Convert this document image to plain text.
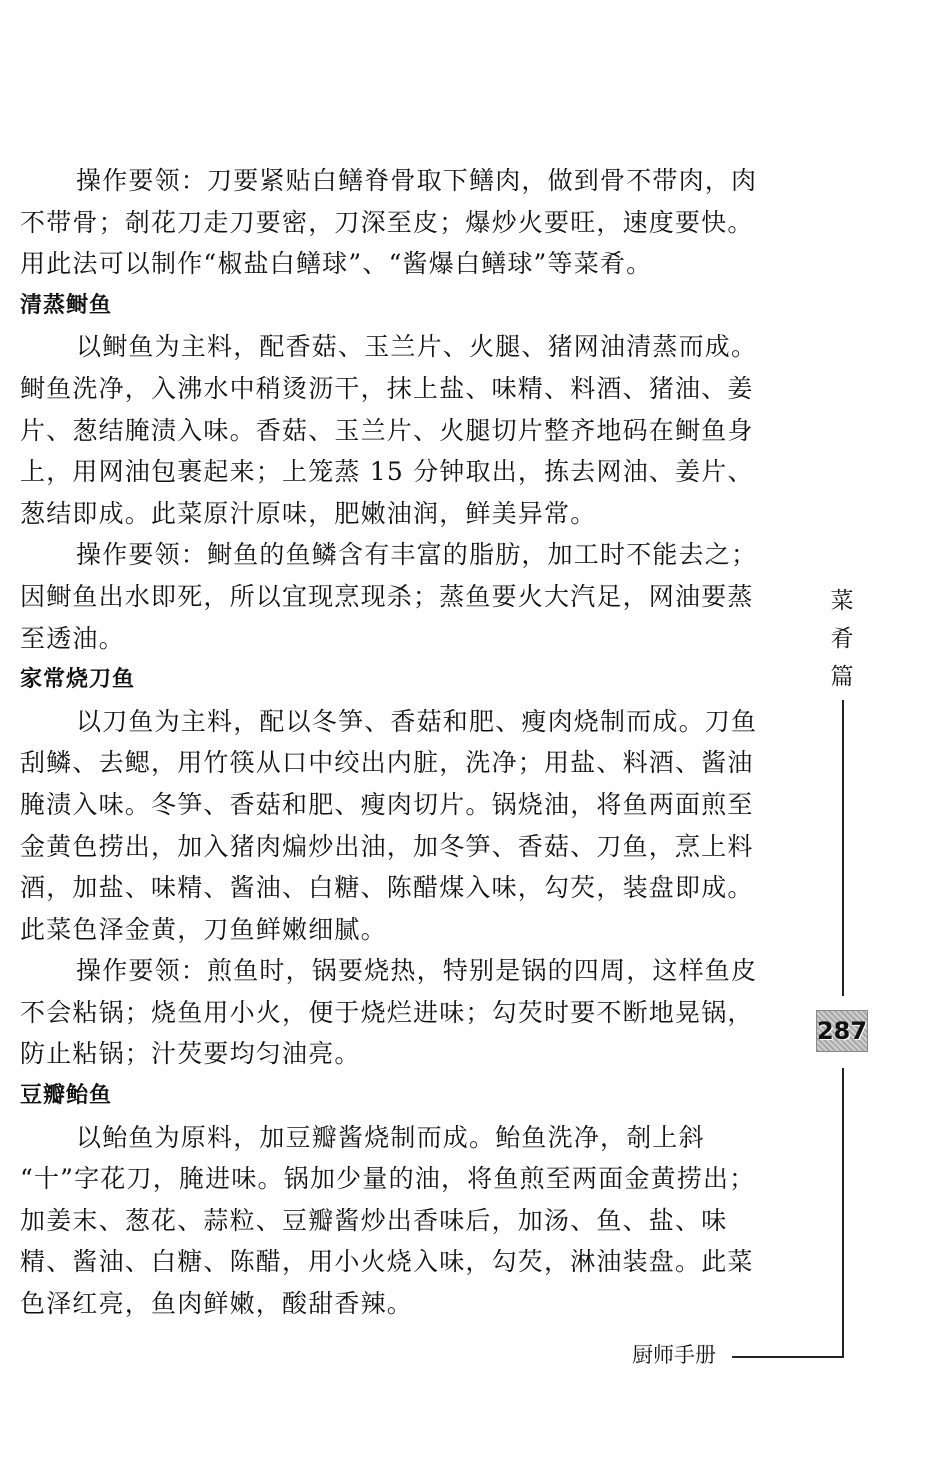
操作要领：刀要紧贴白鳝脊骨取下鳝肉，做到骨不带肉，肉
不带骨；剞花刀走刀要密，刀深至皮；爆炒火要旺，速度要快。
用此法可以制作“椒盐白鳝球”、“酱爆白鳝球”等菜肴。
清蒸鲥鱼
以鲥鱼为主料，配香菇、玉兰片、火腿、猪网油清蒸而成。
鲥鱼洗净，入沸水中稍烫沥干，抹上盐、味精、料酒、猪油、姜
片、葱结腌渍入味。香菇、玉兰片、火腿切片整齐地码在鲥鱼身
上，用网油包裹起来；上笼蒸 15 分钟取出，拣去网油、姜片、
葱结即成。此菜原汁原味，肥嫩油润，鲜美异常。
操作要领：鲥鱼的鱼鳞含有丰富的脂肪，加工时不能去之；
因鲥鱼出水即死，所以宜现烹现杀；蒸鱼要火大汽足，网油要蒸
至透油。
家常烧刀鱼
以刀鱼为主料，配以冬笋、香菇和肥、瘦肉烧制而成。刀鱼
刮鳞、去鳃，用竹筷从口中绞出内脏，洗净；用盐、料酒、酱油
腌渍入味。冬笋、香菇和肥、瘦肉切片。锅烧油，将鱼两面煎至
金黄色捞出，加入猪肉煸炒出油，加冬笋、香菇、刀鱼，烹上料
酒，加盐、味精、酱油、白糖、陈醋煤入味，勾芡，装盘即成。
此菜色泽金黄，刀鱼鲜嫩细腻。
操作要领：煎鱼时，锅要烧热，特别是锅的四周，这样鱼皮
不会粘锅；烧鱼用小火，便于烧烂进味；勾芡时要不断地晃锅，
防止粘锅；汁芡要均匀油亮。
豆瓣鲐鱼
以鲐鱼为原料，加豆瓣酱烧制而成。鲐鱼洗净，剞上斜
“十”字花刀，腌进味。锅加少量的油，将鱼煎至两面金黄捞出；
加姜末、葱花、蒜粒、豆瓣酱炒出香味后，加汤、鱼、盐、味
精、酱油、白糖、陈醋，用小火烧入味，勾芡，淋油装盘。此菜
色泽红亮，鱼肉鲜嫩，酸甜香辣。
菜
肴
篇
287
厨师手册
